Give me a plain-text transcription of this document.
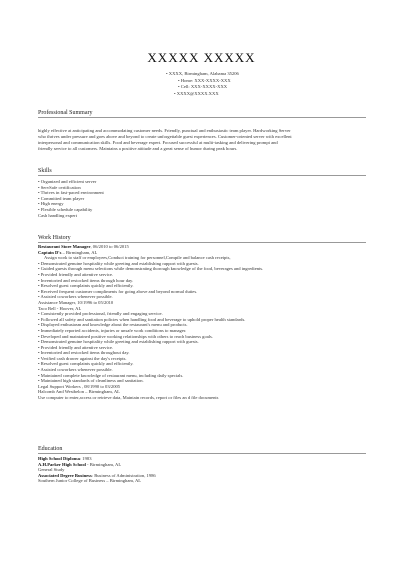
XXXXX XXXXX
• XXXX, Birmingham, Alabama 35206
• Home: XXX-XXXX-XXX
• Cell: XXX-XXXX-XXX
• XXXX@XXXX.XXX
Professional Summary
highly effective at anticipating and accommodating customer needs. Friendly, punctual and enthusiastic team player. Hardworking Server
who thrives under pressure and goes above and beyond to create unforgettable guest experiences. Customer-oriented server with excellent
interpersonal and communication skills. Food and beverage expert. Focused successful at multi-tasking and delivering prompt and
friendly service to all customers. Maintains a positive attitude and a great sense of humor during peak hours.
Skills
• Organized and efficient server
• ServSafe certification
• Thrives in fast-paced environment
• Committed team player
• High energy
• Flexible schedule capability
Cash handling expert
Work History
Restaurant Store Manager, 06/2010 to 06/2015
Captain D's – Birmingham, AL
Assign work to staff or employees,Conduct training for personnel,Compile and balance cash receipts,
• Demonstrated genuine hospitality while greeting and establishing rapport with guests.
• Guided guests through menu selections while demonstrating thorough knowledge of the food, beverages and ingredients.
• Provided friendly and attentive service.
• Inventoried and restocked items through hour day.
• Resolved guest complaints quickly and efficiently.
• Received frequent customer compliments for going above and beyond normal duties.
• Assisted coworkers whenever possible.
Assistance Manager, 10/1996 to 05/2010
Taco Bell - Hoover, AL
• Consistently provided professional, friendly and engaging service.
• Followed all safety and sanitation policies when handling food and beverage to uphold proper health standards.
• Displayed enthusiasm and knowledge about the restaurant's menu and products.
• Immediately reported accidents, injuries or unsafe work conditions to manager.
• Developed and maintained positive working relationships with others to reach business goals.
• Demonstrated genuine hospitality while greeting and establishing rapport with guests.
• Provided friendly and attentive service.
• Inventoried and restocked items throughout day.
• Verified cash drawer against the day's receipts.
• Resolved guest complaints quickly and efficiently.
• Assisted coworkers whenever possible.
• Maintained complete knowledge of restaurant menu, including daily specials.
• Maintained high standards of cleanliness and sanitation.
Legal Support Workers , 08/1990 to 03/2005
Halcomb And Westbelon – Birmingham, AL
Use computer to enter,access or retrieve data, Maintain records, report or files an d file documents
Education
High School Diploma: 1983
A.H.Parker High School - Birmingham, AL
General Study
Associated Degree Business: Business of Administration, 1986
Southern Junior College of Business – Birmingham, AL
